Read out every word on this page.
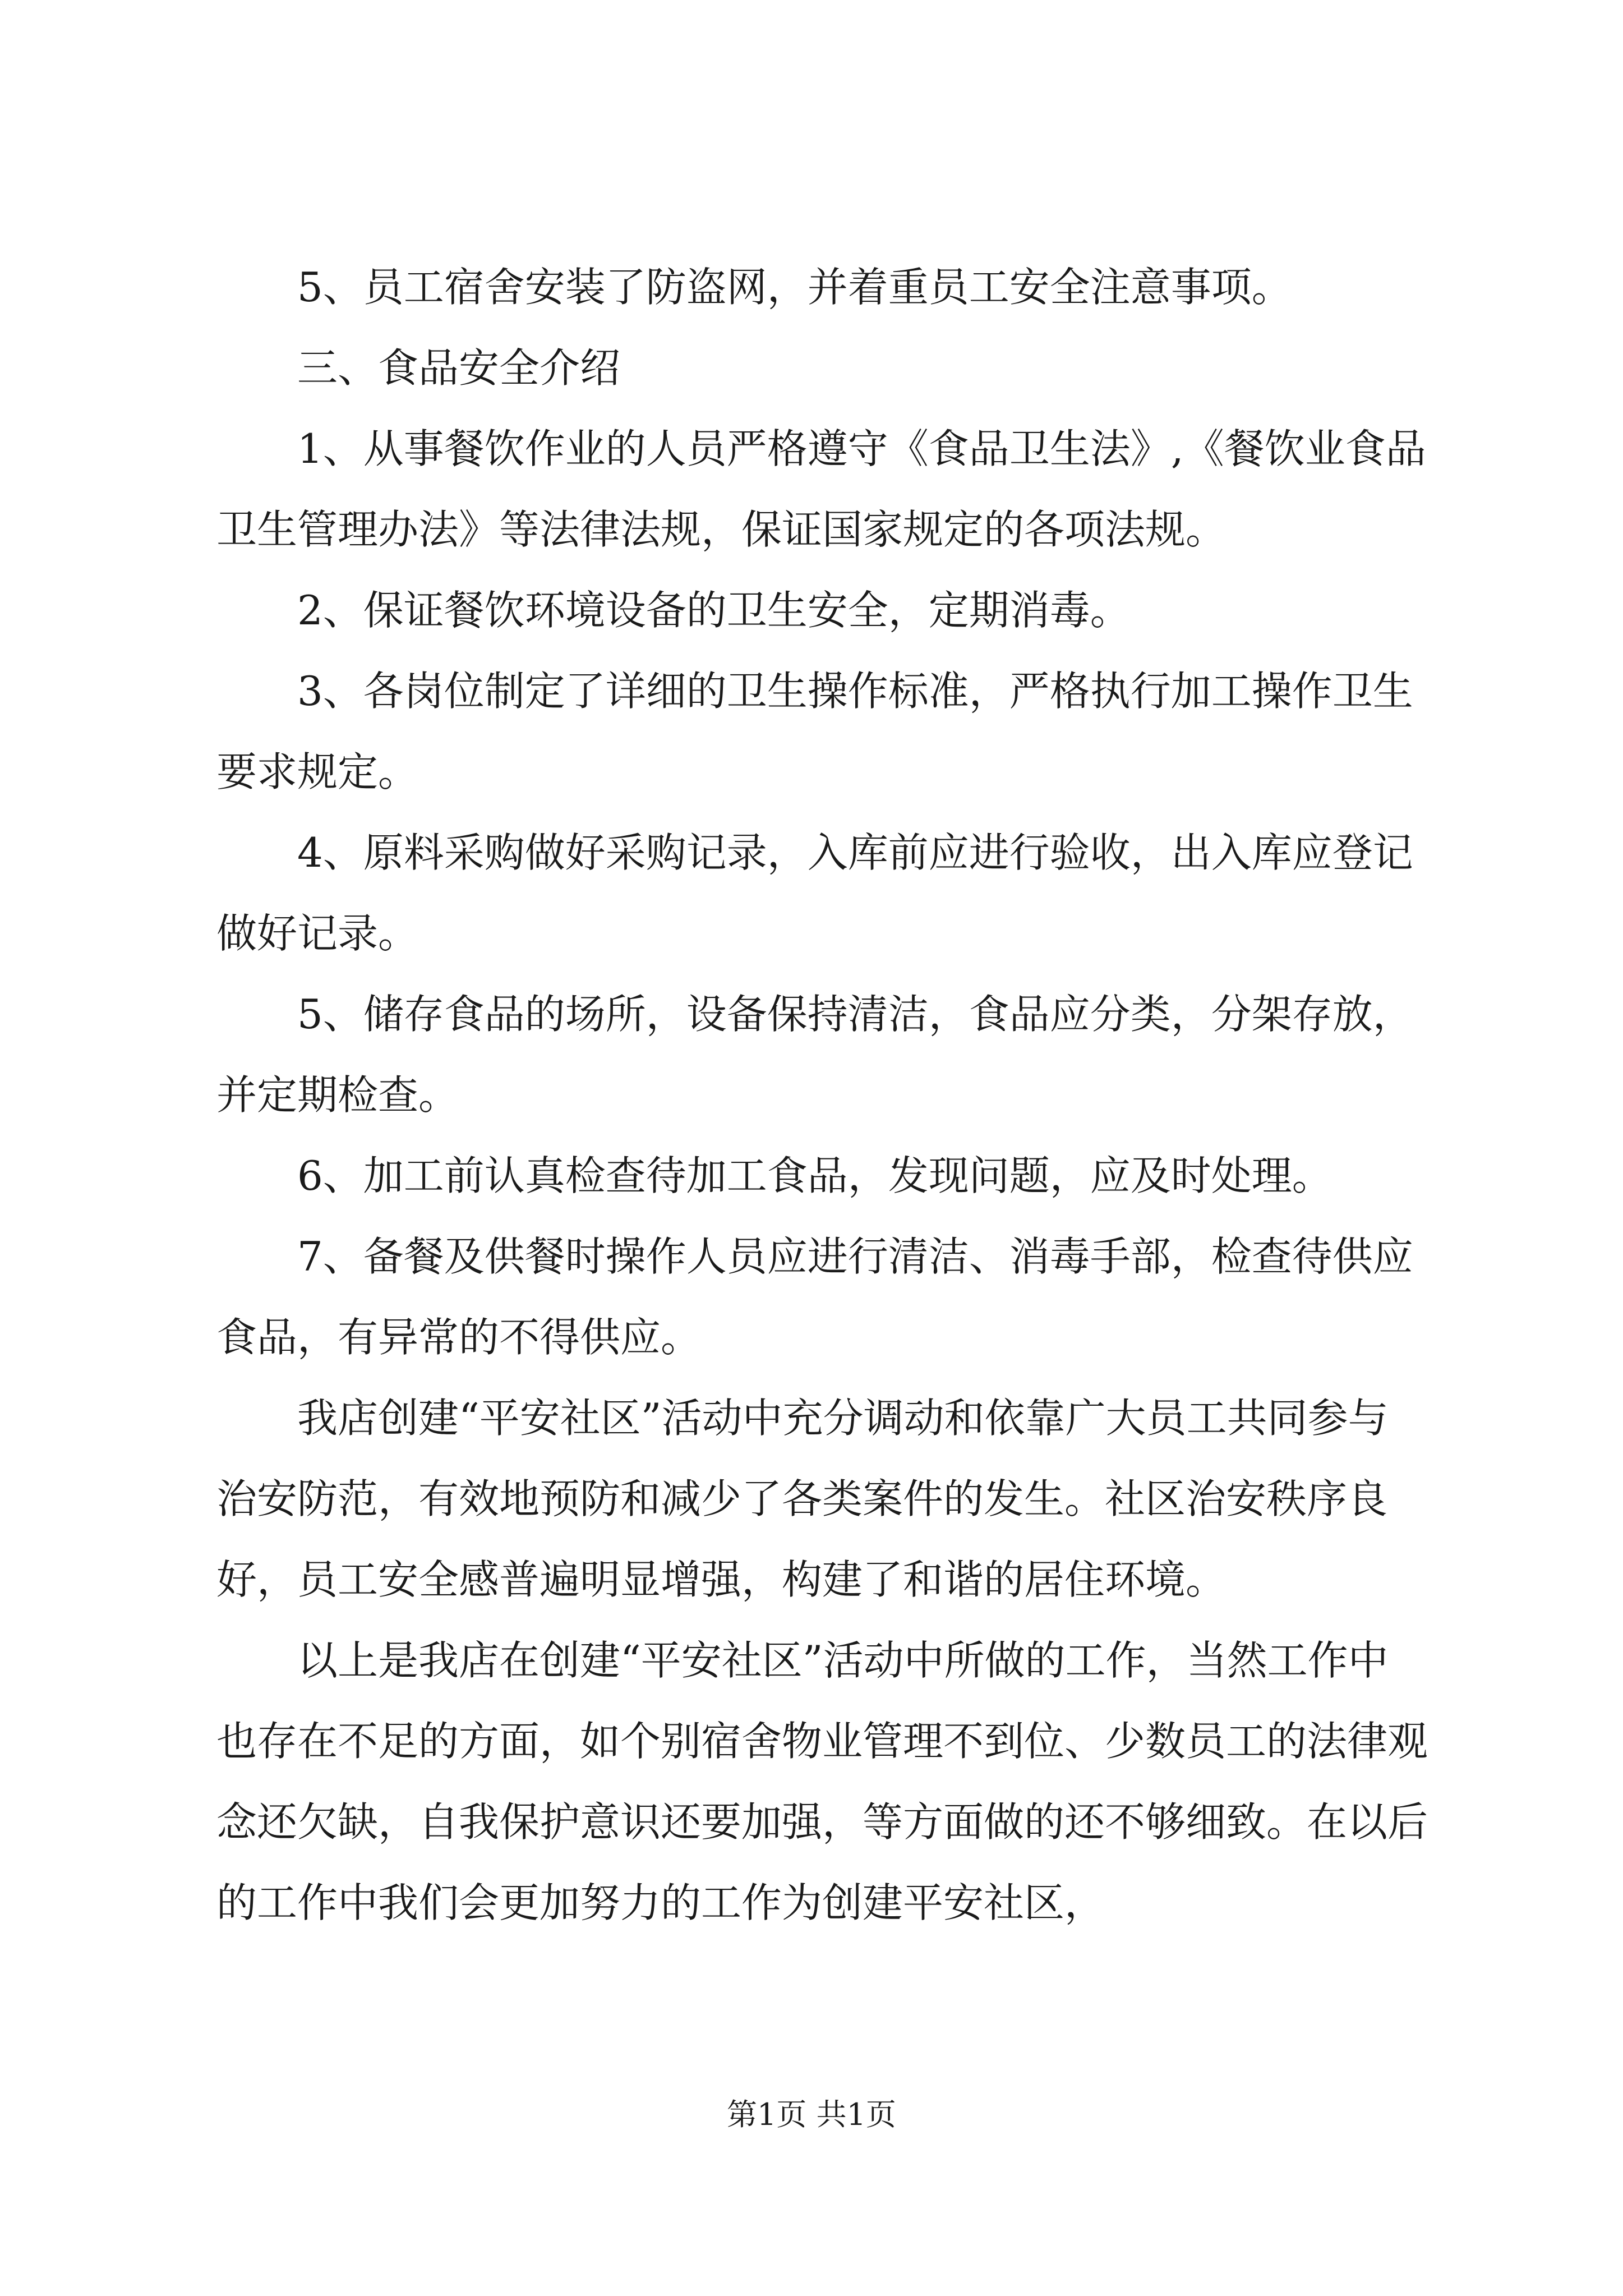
5、员工宿舍安装了防盗网，并着重员工安全注意事项。

三、食品安全介绍

1、从事餐饮作业的人员严格遵守《食品卫生法》,《餐饮业食品卫生管理办法》等法律法规，保证国家规定的各项法规。

2、保证餐饮环境设备的卫生安全，定期消毒。

3、各岗位制定了详细的卫生操作标准，严格执行加工操作卫生要求规定。

4、原料采购做好采购记录，入库前应进行验收，出入库应登记做好记录。

5、储存食品的场所，设备保持清洁，食品应分类，分架存放，并定期检查。

6、加工前认真检查待加工食品，发现问题，应及时处理。

7、备餐及供餐时操作人员应进行清洁、消毒手部，检查待供应食品，有异常的不得供应。

我店创建“平安社区”活动中充分调动和依靠广大员工共同参与治安防范，有效地预防和减少了各类案件的发生。社区治安秩序良好，员工安全感普遍明显增强，构建了和谐的居住环境。

以上是我店在创建“平安社区”活动中所做的工作，当然工作中也存在不足的方面，如个别宿舍物业管理不到位、少数员工的法律观念还欠缺，自我保护意识还要加强，等方面做的还不够细致。在以后的工作中我们会更加努力的工作为创建平安社区，

第1页 共1页
